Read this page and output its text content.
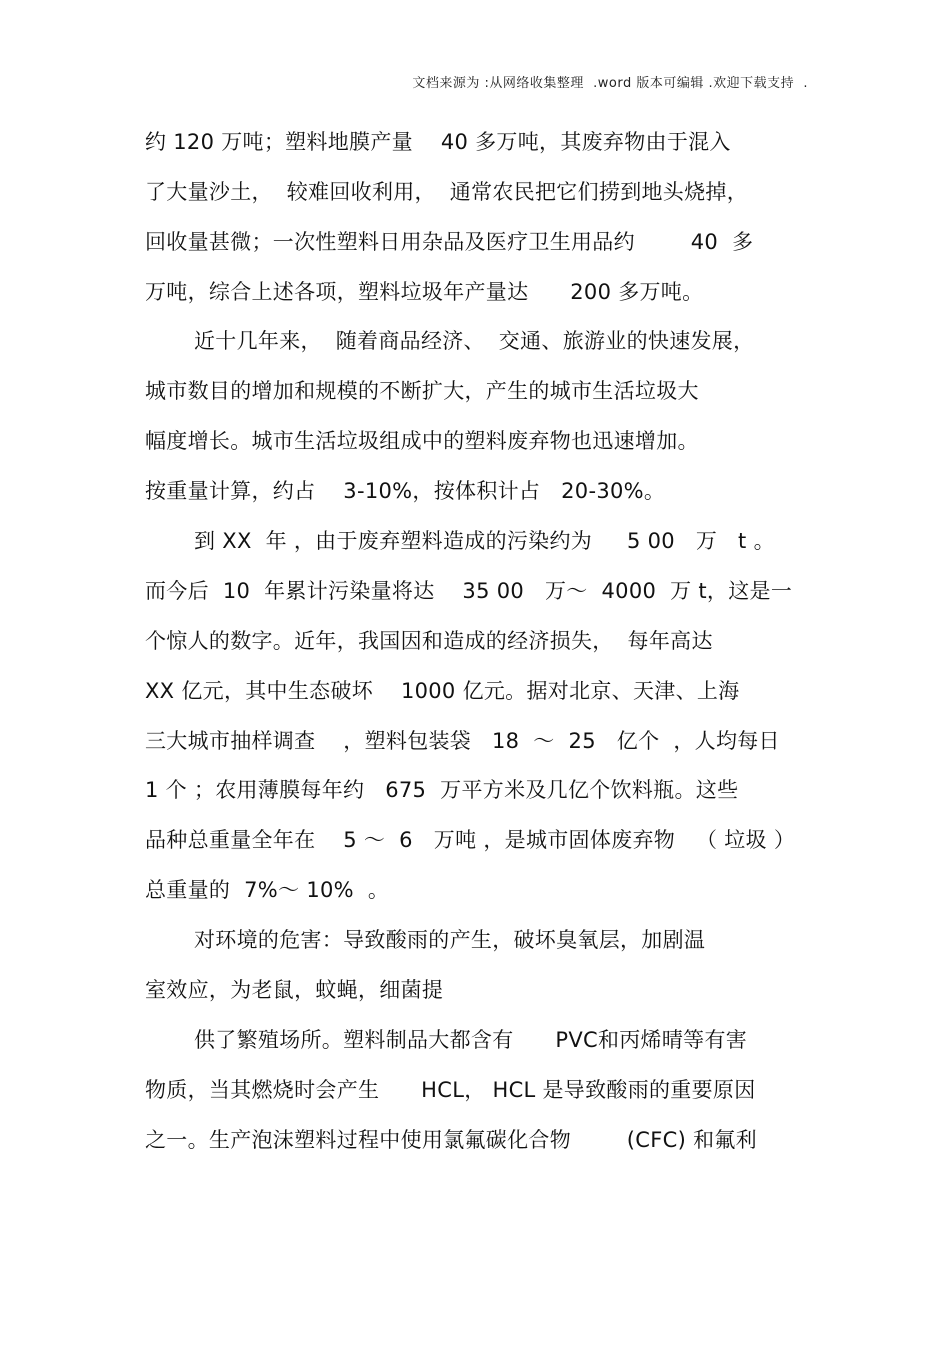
文档来源为 :从网络收集整理  .word 版本可编辑 .欢迎下载支持  .
约 120 万吨；塑料地膜产量    40 多万吨，其废弃物由于混入
了大量沙土，  较难回收利用，  通常农民把它们捞到地头烧掉，
回收量甚微；一次性塑料日用杂品及医疗卫生用品约        40  多
万吨，综合上述各项，塑料垃圾年产量达      200 多万吨。
近十几年来，  随着商品经济、  交通、旅游业的快速发展，
城市数目的增加和规模的不断扩大，产生的城市生活垃圾大
幅度增长。城市生活垃圾组成中的塑料废弃物也迅速增加。
按重量计算，约占    3-10%，按体积计占   20-30%。
到 XX  年 ，由于废弃塑料造成的污染约为     5 00   万   t 。
而今后  10  年累计污染量将达    35 00   万～  4000  万 t，这是一
个惊人的数字。近年，我国因和造成的经济损失，  每年高达
XX 亿元，其中生态破坏    1000 亿元。据对北京、天津、上海
三大城市抽样调查    ，塑料包装袋   18  ～  25   亿个  ，人均每日
1 个 ；农用薄膜每年约   675  万平方米及几亿个饮料瓶。这些
品种总重量全年在    5 ～  6   万吨 ，是城市固体废弃物   （ 垃圾 ）
总重量的  7%～ 10%  。
对环境的危害：导致酸雨的产生，破坏臭氧层，加剧温
室效应，为老鼠，蚊蝇，细菌提
供了繁殖场所。塑料制品大都含有      PVC和丙烯晴等有害
物质，当其燃烧时会产生      HCL， HCL 是导致酸雨的重要原因
之一。生产泡沫塑料过程中使用氯氟碳化合物        (CFC) 和氟利
